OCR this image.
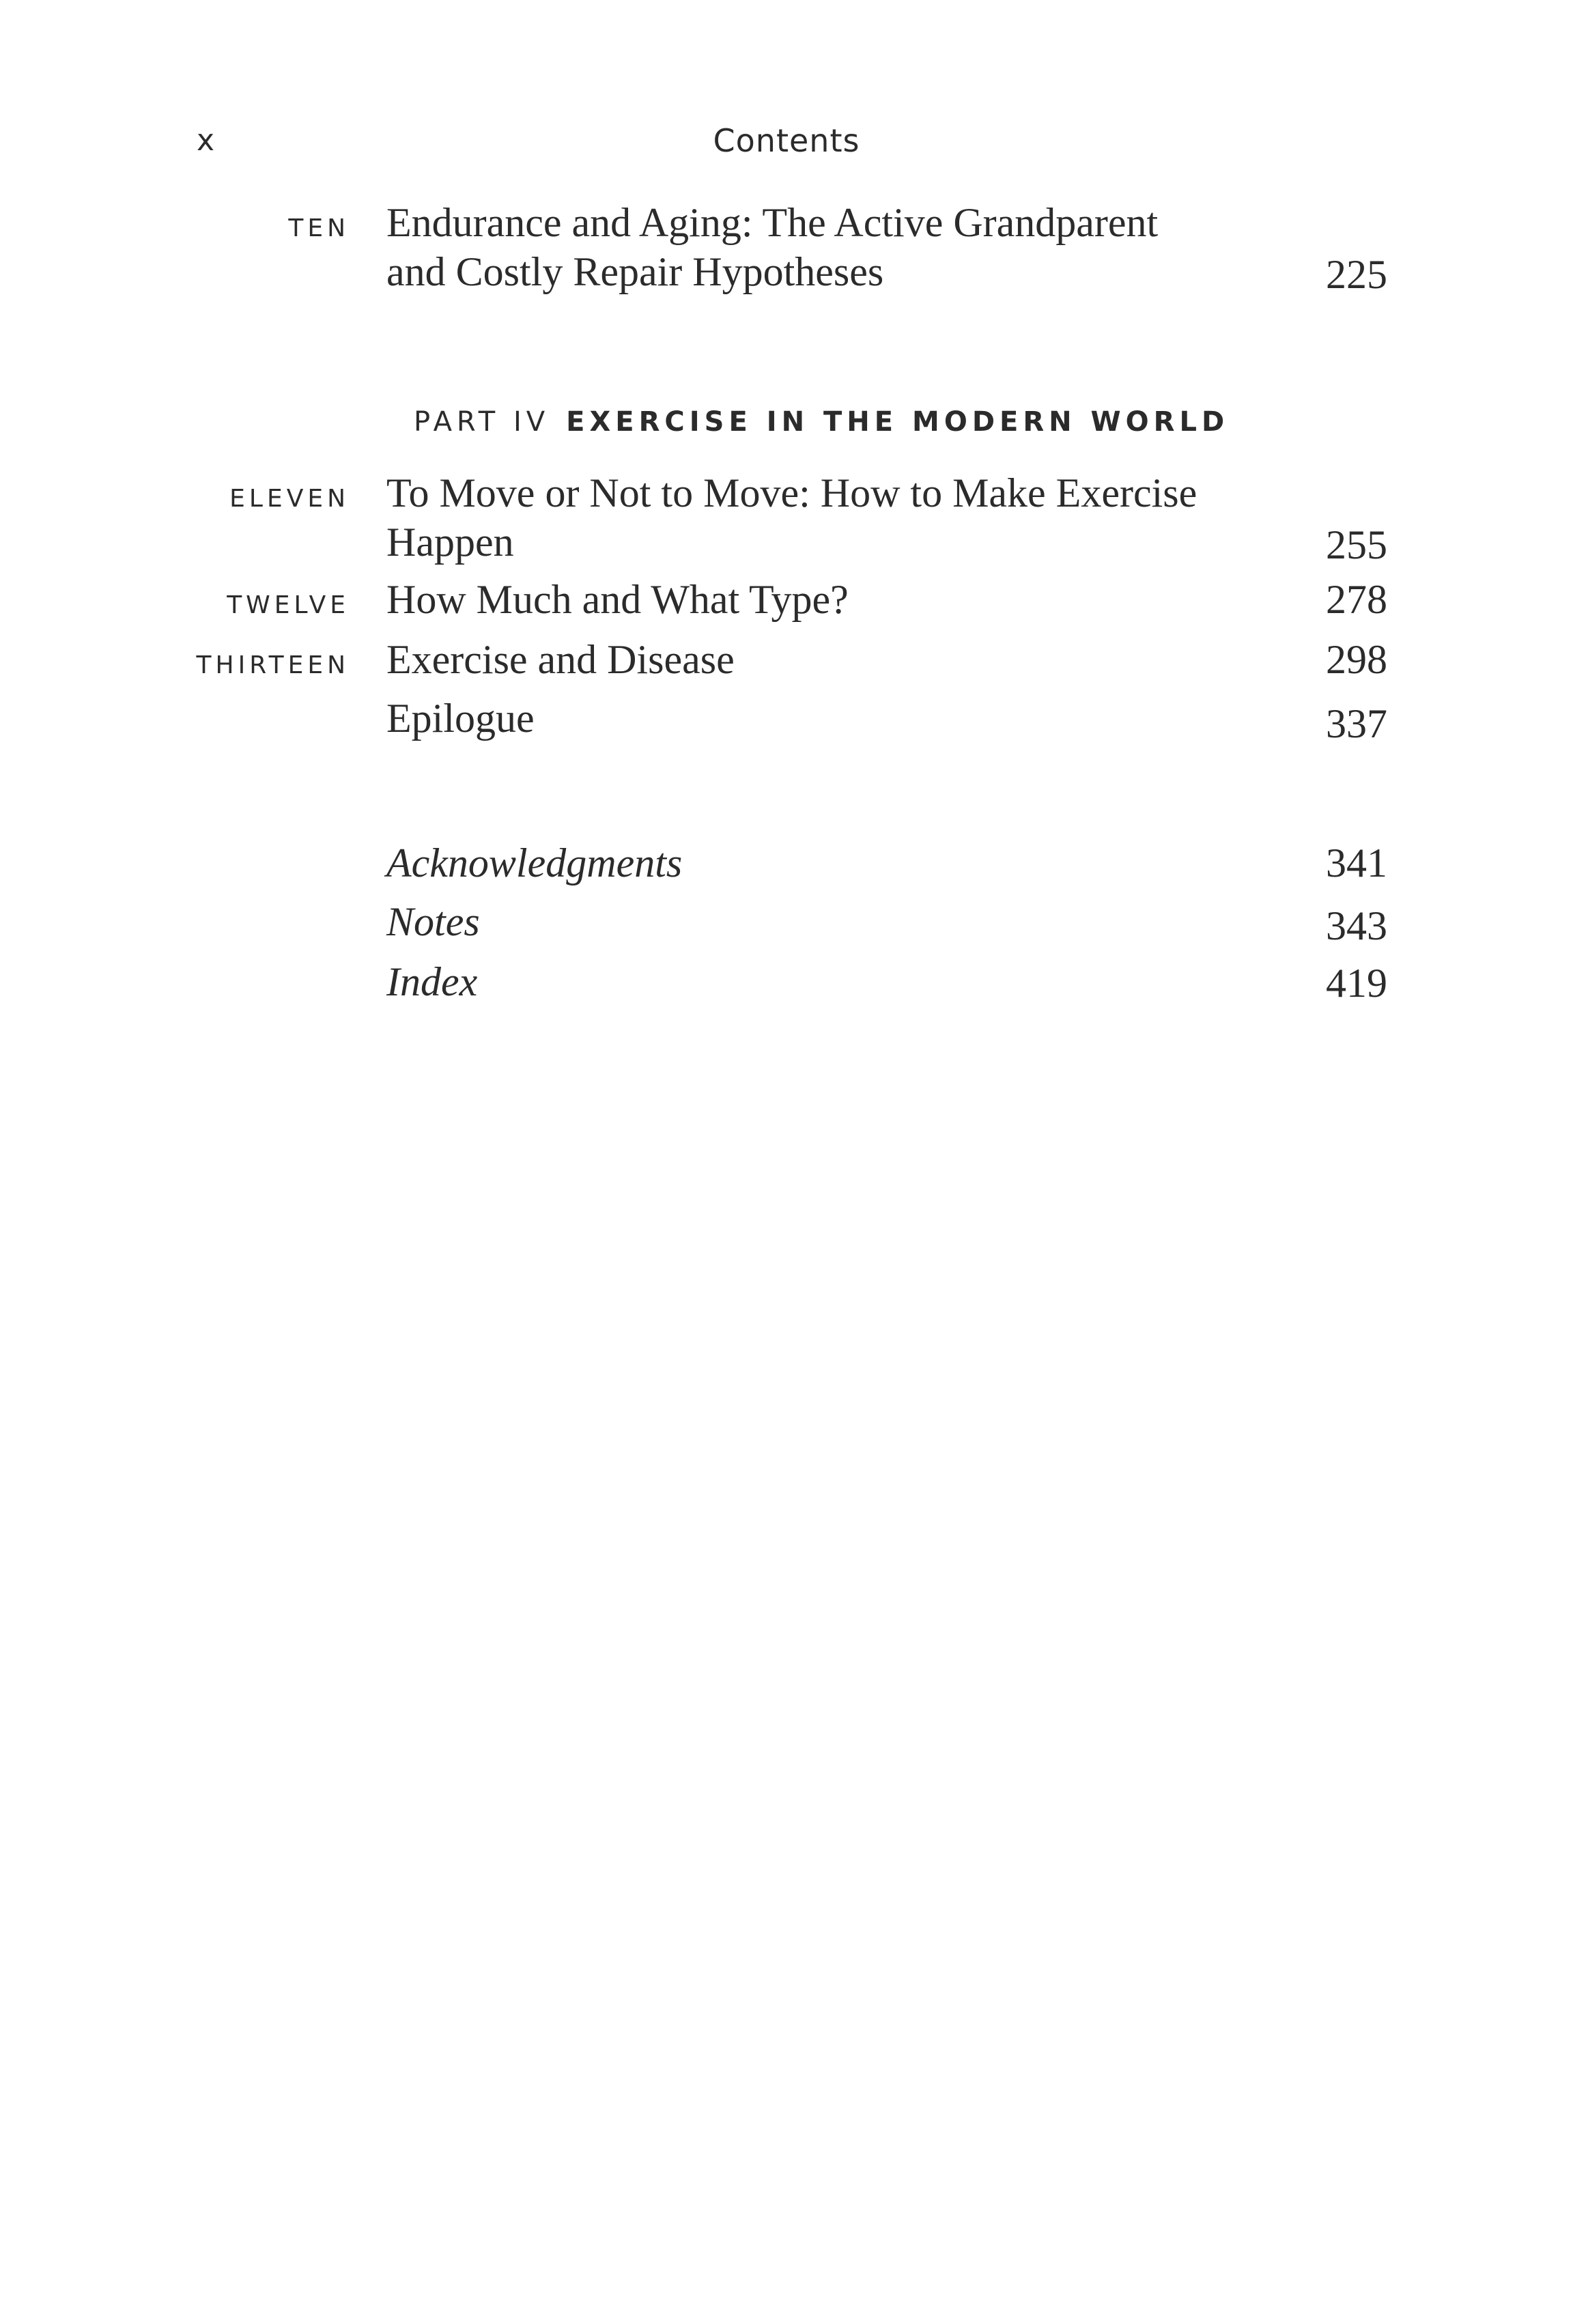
x	Contents
TEN Endurance and Aging: The Active Grandparent
and Costly Repair Hypotheses	225
PART IV EXERCISE IN THE MODERN WORLD
ELEVEN To Move or Not to Move: How to Make Exercise
Happen	255
TWELVE How Much and What Type?	278
THIRTEEN Exercise and Disease	298
Epilogue	337
Acknowledgments	341
Notes	343
Index	419
